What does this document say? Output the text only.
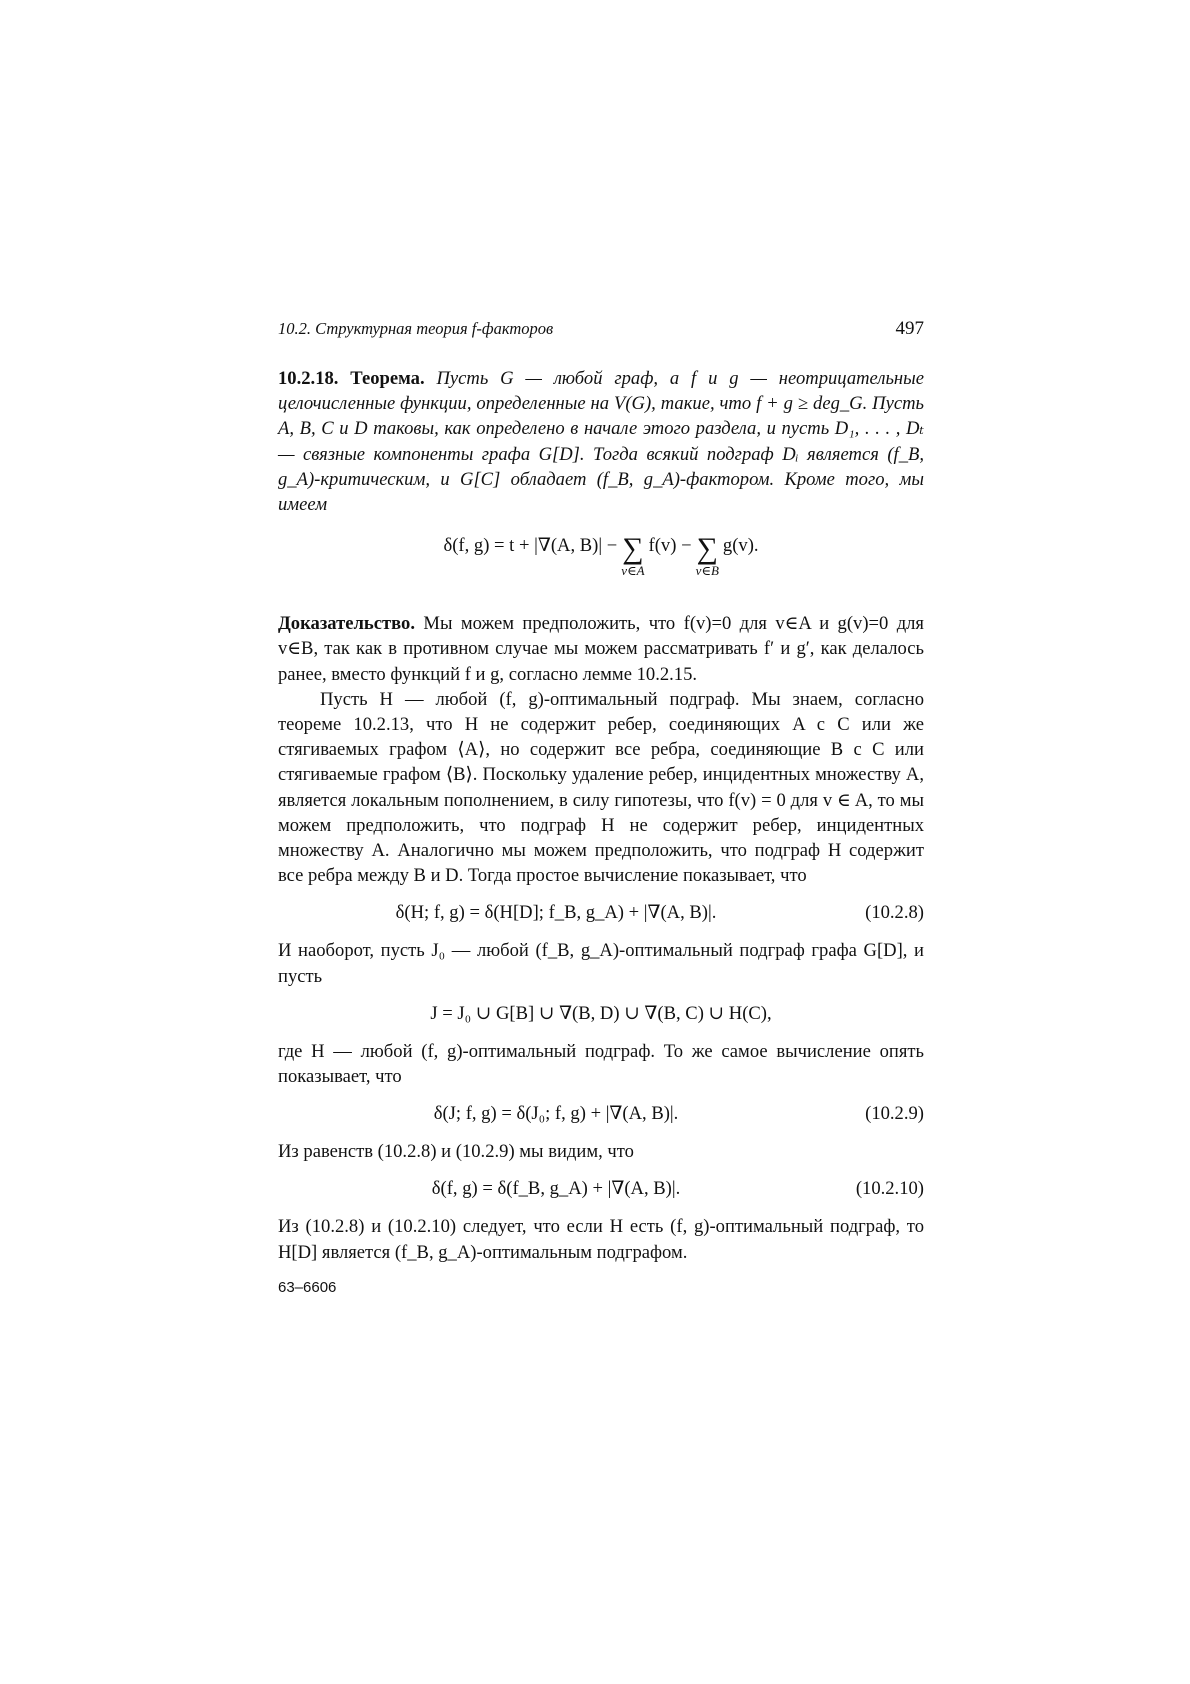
10.2. Структурная теория f-факторов	497

10.2.18. Теорема. Пусть G — любой граф, а f и g — неотрицательные целочисленные функции, определенные на V(G), такие, что f + g ≥ deg_G. Пусть A, B, C и D таковы, как определено в начале этого раздела, и пусть D₁, . . . , Dₜ — связные компоненты графа G[D]. Тогда всякий подграф Dᵢ является (f_B, g_A)-критическим, и G[C] обладает (f_B, g_A)-фактором. Кроме того, мы имеем

δ(f, g) = t + |∇(A, B)| − ∑
v∈A
f(v) − ∑
v∈B
g(v).

Доказательство. Мы можем предположить, что f(v)=0 для v∈A и g(v)=0 для v∈B, так как в противном случае мы можем рассматривать f′ и g′, как делалось ранее, вместо функций f и g, согласно лемме 10.2.15.

Пусть H — любой (f, g)-оптимальный подграф. Мы знаем, согласно теореме 10.2.13, что H не содержит ребер, соединяющих A с C или же стягиваемых графом ⟨A⟩, но содержит все ребра, соединяющие B с C или стягиваемые графом ⟨B⟩. Поскольку удаление ребер, инцидентных множеству A, является локальным пополнением, в силу гипотезы, что f(v) = 0 для v ∈ A, то мы можем предположить, что подграф H не содержит ребер, инцидентных множеству A. Аналогично мы можем предположить, что подграф H содержит все ребра между B и D. Тогда простое вычисление показывает, что

δ(H; f, g) = δ(H[D]; f_B, g_A) + |∇(A, B)|.	(10.2.8)

И наоборот, пусть J₀ — любой (f_B, g_A)-оптимальный подграф графа G[D], и пусть

J = J₀ ∪ G[B] ∪ ∇(B, D) ∪ ∇(B, C) ∪ H(C),

где H — любой (f, g)-оптимальный подграф. То же самое вычисление опять показывает, что

δ(J; f, g) = δ(J₀; f, g) + |∇(A, B)|.	(10.2.9)

Из равенств (10.2.8) и (10.2.9) мы видим, что

δ(f, g) = δ(f_B, g_A) + |∇(A, B)|.	(10.2.10)

Из (10.2.8) и (10.2.10) следует, что если H есть (f, g)-оптимальный подграф, то H[D] является (f_B, g_A)-оптимальным подграфом.

63–6606
